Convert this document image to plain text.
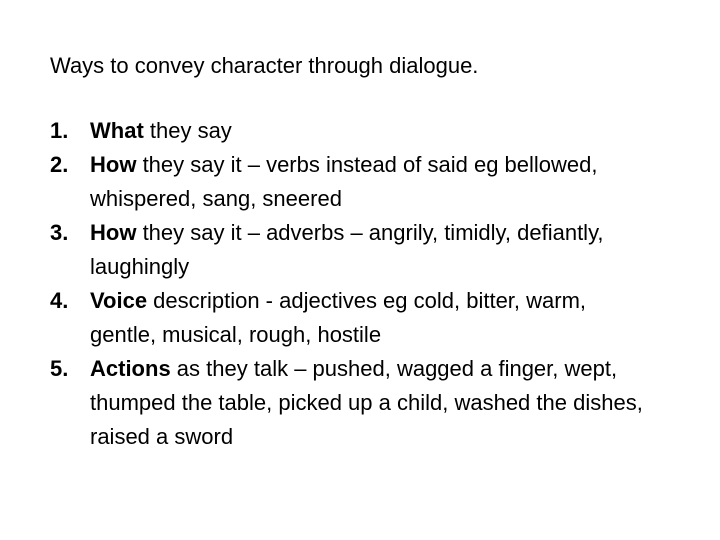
Ways to convey character through dialogue.
1. What they say
2. How they say it – verbs instead of said eg bellowed, whispered, sang, sneered
3. How they say it – adverbs – angrily, timidly, defiantly, laughingly
4. Voice description - adjectives eg cold, bitter, warm, gentle, musical, rough, hostile
5. Actions as they talk – pushed, wagged a finger, wept, thumped the table, picked up a child, washed the dishes, raised a sword
